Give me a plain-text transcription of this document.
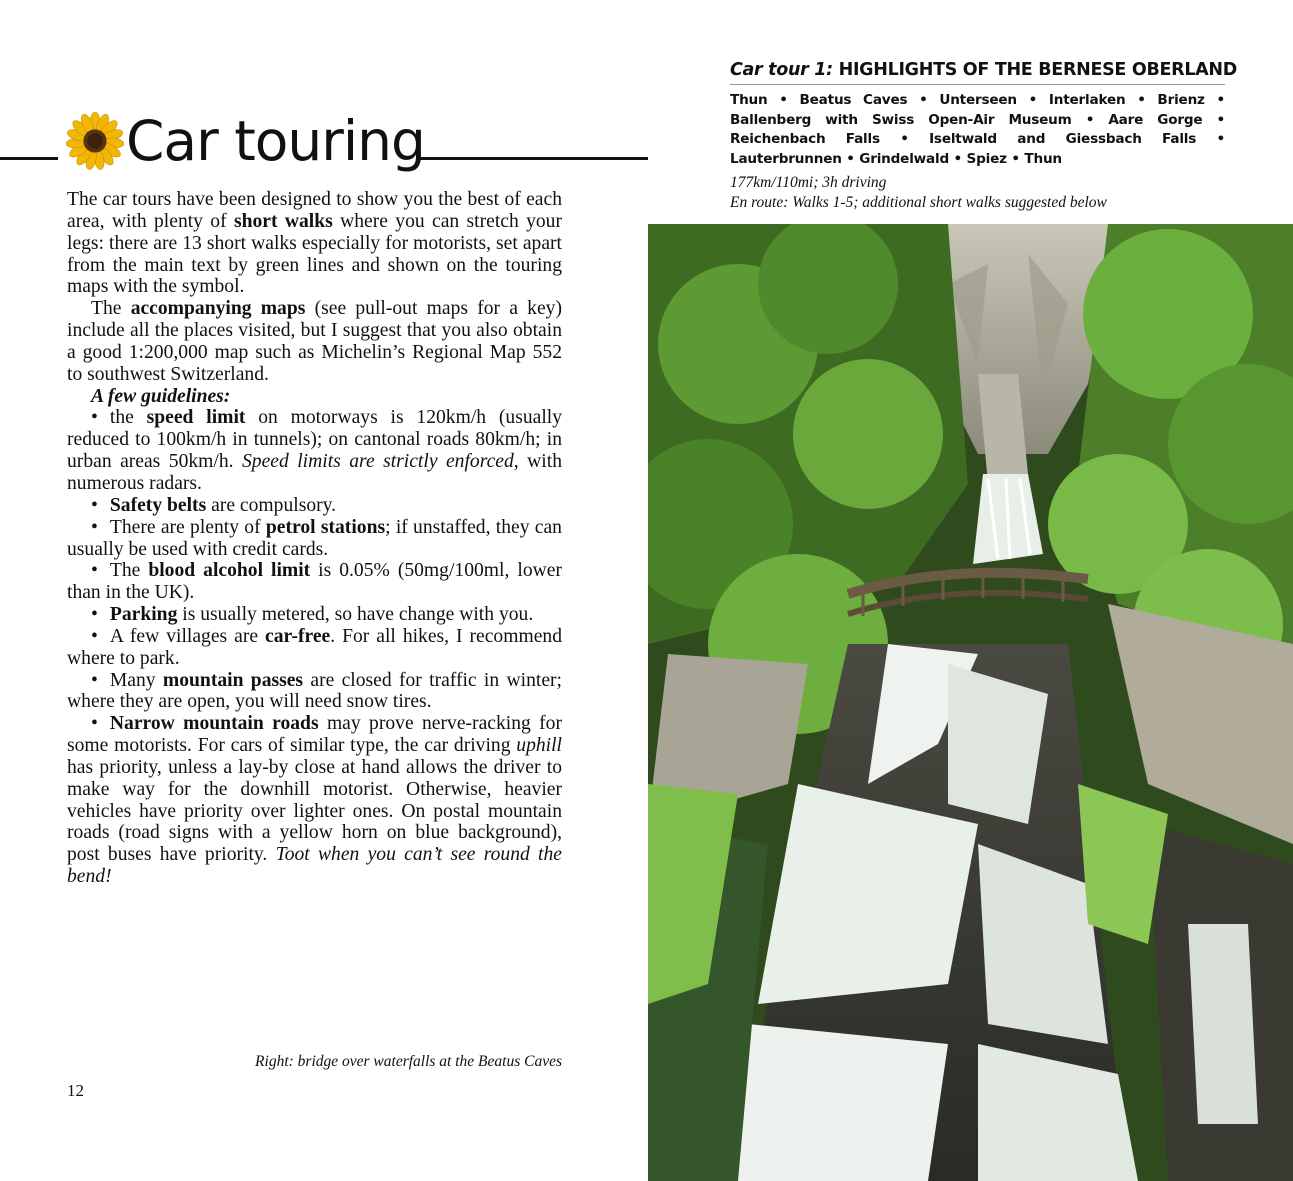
Car touring

The car tours have been designed to show you the best of each area, with plenty of short walks where you can stretch your legs: there are 13 short walks especially for motorists, set apart from the main text by green lines and shown on the touring maps with the symbol.

The accompanying maps (see pull-out maps for a key) include all the places visited, but I suggest that you also obtain a good 1:200,000 map such as Michelin’s Regional Map 552 to southwest Switzerland.

A few guidelines:

• the speed limit on motorways is 120km/h (usually reduced to 100km/h in tunnels); on cantonal roads 80km/h; in urban areas 50km/h. Speed limits are strictly enforced, with numerous radars.

• Safety belts are compulsory.

• There are plenty of petrol stations; if unstaffed, they can usually be used with credit cards.

• The blood alcohol limit is 0.05% (50mg/100ml, lower than in the UK).

• Parking is usually metered, so have change with you.

• A few villages are car-free. For all hikes, I recommend where to park.

• Many mountain passes are closed for traffic in winter; where they are open, you will need snow tires.

• Narrow mountain roads may prove nerve-racking for some motorists. For cars of similar type, the car driving uphill has priority, unless a lay-by close at hand allows the driver to make way for the downhill motorist. Otherwise, heavier vehicles have priority over lighter ones. On postal mountain roads (road signs with a yellow horn on blue background), post buses have priority. Toot when you can’t see round the bend!

Right: bridge over waterfalls at the Beatus Caves
12
Car tour 1: HIGHLIGHTS OF THE BERNESE OBERLAND
Thun • Beatus Caves • Unterseen • Interlaken • Brienz • Ballenberg with Swiss Open-Air Museum • Aare Gorge • Reichenbach Falls • Iseltwald and Giessbach Falls • Lauterbrunnen • Grindelwald • Spiez • Thun
177km/110mi; 3h driving
En route: Walks 1-5; additional short walks suggested below
